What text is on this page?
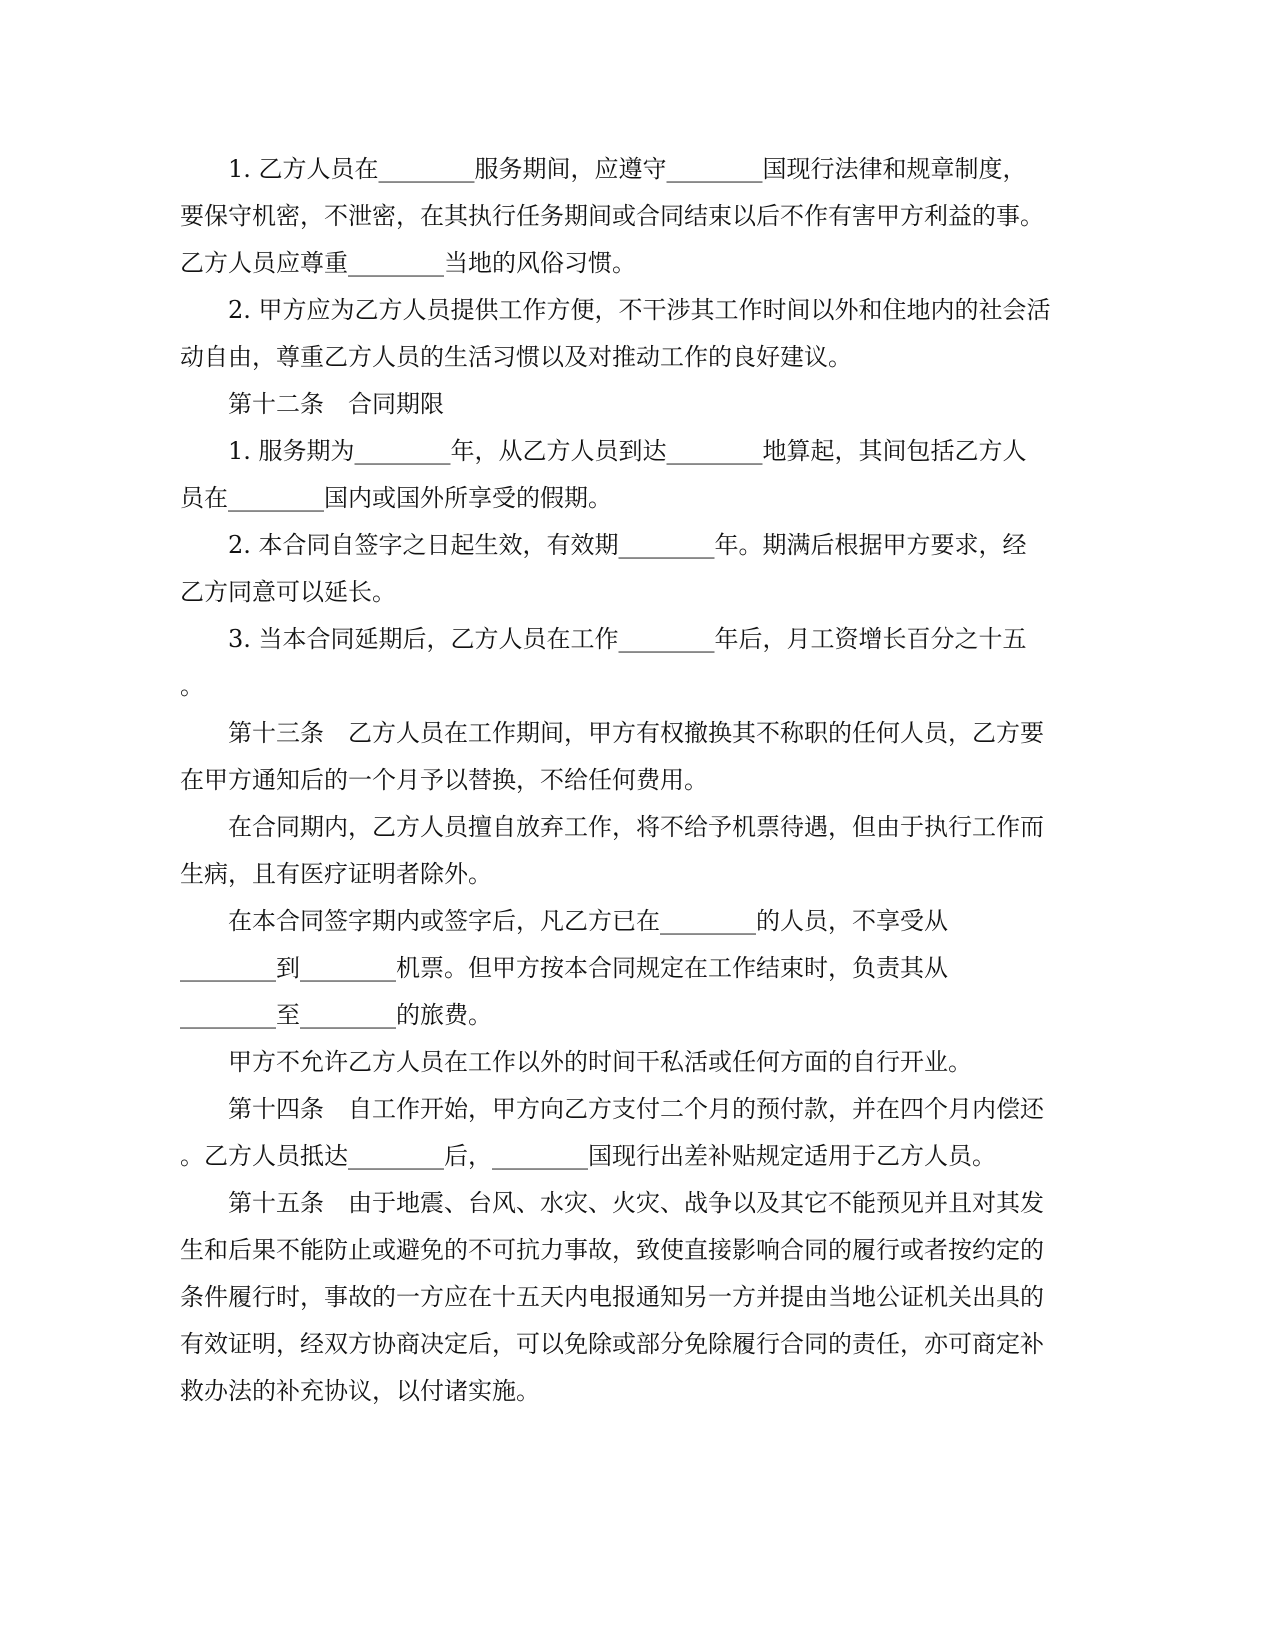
1. 乙方人员在________服务期间，应遵守________国现行法律和规章制度，
要保守机密，不泄密，在其执行任务期间或合同结束以后不作有害甲方利益的事。
乙方人员应尊重________当地的风俗习惯。
2. 甲方应为乙方人员提供工作方便，不干涉其工作时间以外和住地内的社会活
动自由，尊重乙方人员的生活习惯以及对推动工作的良好建议。
第十二条　合同期限
1. 服务期为________年，从乙方人员到达________地算起，其间包括乙方人
员在________国内或国外所享受的假期。
2. 本合同自签字之日起生效，有效期________年。期满后根据甲方要求，经
乙方同意可以延长。
3. 当本合同延期后，乙方人员在工作________年后，月工资增长百分之十五
。
第十三条　乙方人员在工作期间，甲方有权撤换其不称职的任何人员，乙方要
在甲方通知后的一个月予以替换，不给任何费用。
在合同期内，乙方人员擅自放弃工作，将不给予机票待遇，但由于执行工作而
生病，且有医疗证明者除外。
在本合同签字期内或签字后，凡乙方已在________的人员，不享受从
________到________机票。但甲方按本合同规定在工作结束时，负责其从
________至________的旅费。
甲方不允许乙方人员在工作以外的时间干私活或任何方面的自行开业。
第十四条　自工作开始，甲方向乙方支付二个月的预付款，并在四个月内偿还
。乙方人员抵达________后，________国现行出差补贴规定适用于乙方人员。
第十五条　由于地震、台风、水灾、火灾、战争以及其它不能预见并且对其发
生和后果不能防止或避免的不可抗力事故，致使直接影响合同的履行或者按约定的
条件履行时，事故的一方应在十五天内电报通知另一方并提由当地公证机关出具的
有效证明，经双方协商决定后，可以免除或部分免除履行合同的责任，亦可商定补
救办法的补充协议，以付诸实施。
